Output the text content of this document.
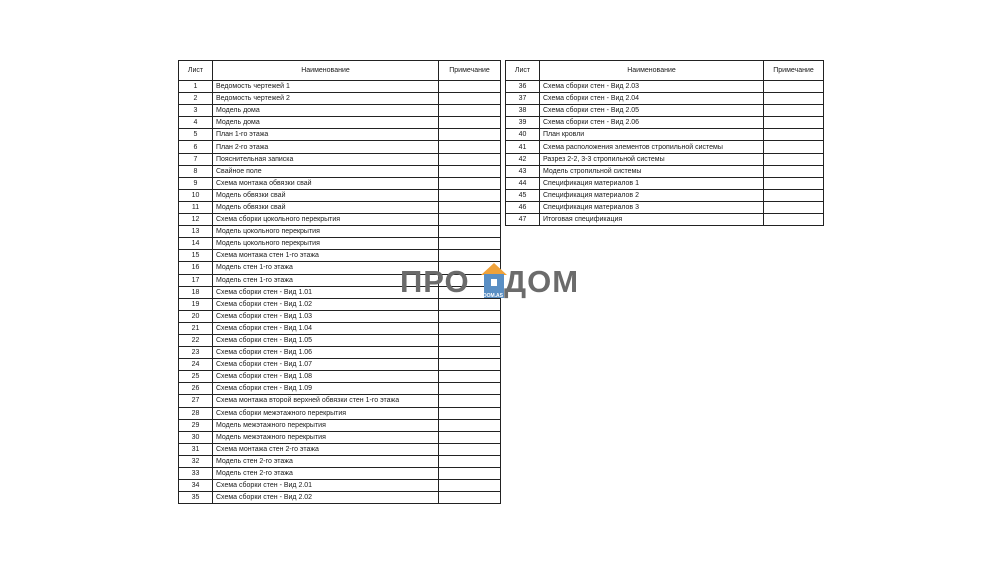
Лист	Наименование	Примечание
1	Ведомость чертежей 1	
2	Ведомость чертежей 2	
3	Модель дома	
4	Модель дома	
5	План 1-го этажа	
6	План 2-го этажа	
7	Пояснительная записка	
8	Свайное поле	
9	Схема монтажа обвязки свай	
10	Модель обвязки свай	
11	Модель обвязки свай	
12	Схема сборки цокольного перекрытия	
13	Модель цокольного перекрытия	
14	Модель цокольного перекрытия	
15	Схема монтажа стен 1-го этажа	
16	Модель стен 1-го этажа	
17	Модель стен 1-го этажа	
18	Схема сборки стен - Вид 1.01	
19	Схема сборки стен - Вид 1.02	
20	Схема сборки стен - Вид 1.03	
21	Схема сборки стен - Вид 1.04	
22	Схема сборки стен - Вид 1.05	
23	Схема сборки стен - Вид 1.06	
24	Схема сборки стен - Вид 1.07	
25	Схема сборки стен - Вид 1.08	
26	Схема сборки стен - Вид 1.09	
27	Схема монтажа второй верхней обвязки стен 1-го этажа	
28	Схема сборки межэтажного перекрытия	
29	Модель межэтажного перекрытия	
30	Модель межэтажного перекрытия	
31	Схема монтажа стен 2-го этажа	
32	Модель стен 2-го этажа	
33	Модель стен 2-го этажа	
34	Схема сборки стен - Вид 2.01	
35	Схема сборки стен - Вид 2.02	
Лист	Наименование	Примечание
36	Схема сборки стен - Вид 2.03	
37	Схема сборки стен - Вид 2.04	
38	Схема сборки стен - Вид 2.05	
39	Схема сборки стен - Вид 2.06	
40	План кровли	
41	Схема расположения элементов стропильной системы	
42	Разрез 2-2, 3-3 стропильной системы	
43	Модель стропильной системы	
44	Спецификация материалов 1	
45	Спецификация материалов 2	
46	Спецификация материалов 3	
47	Итоговая спецификация	
ПРО	DOM.AS ДОМ
